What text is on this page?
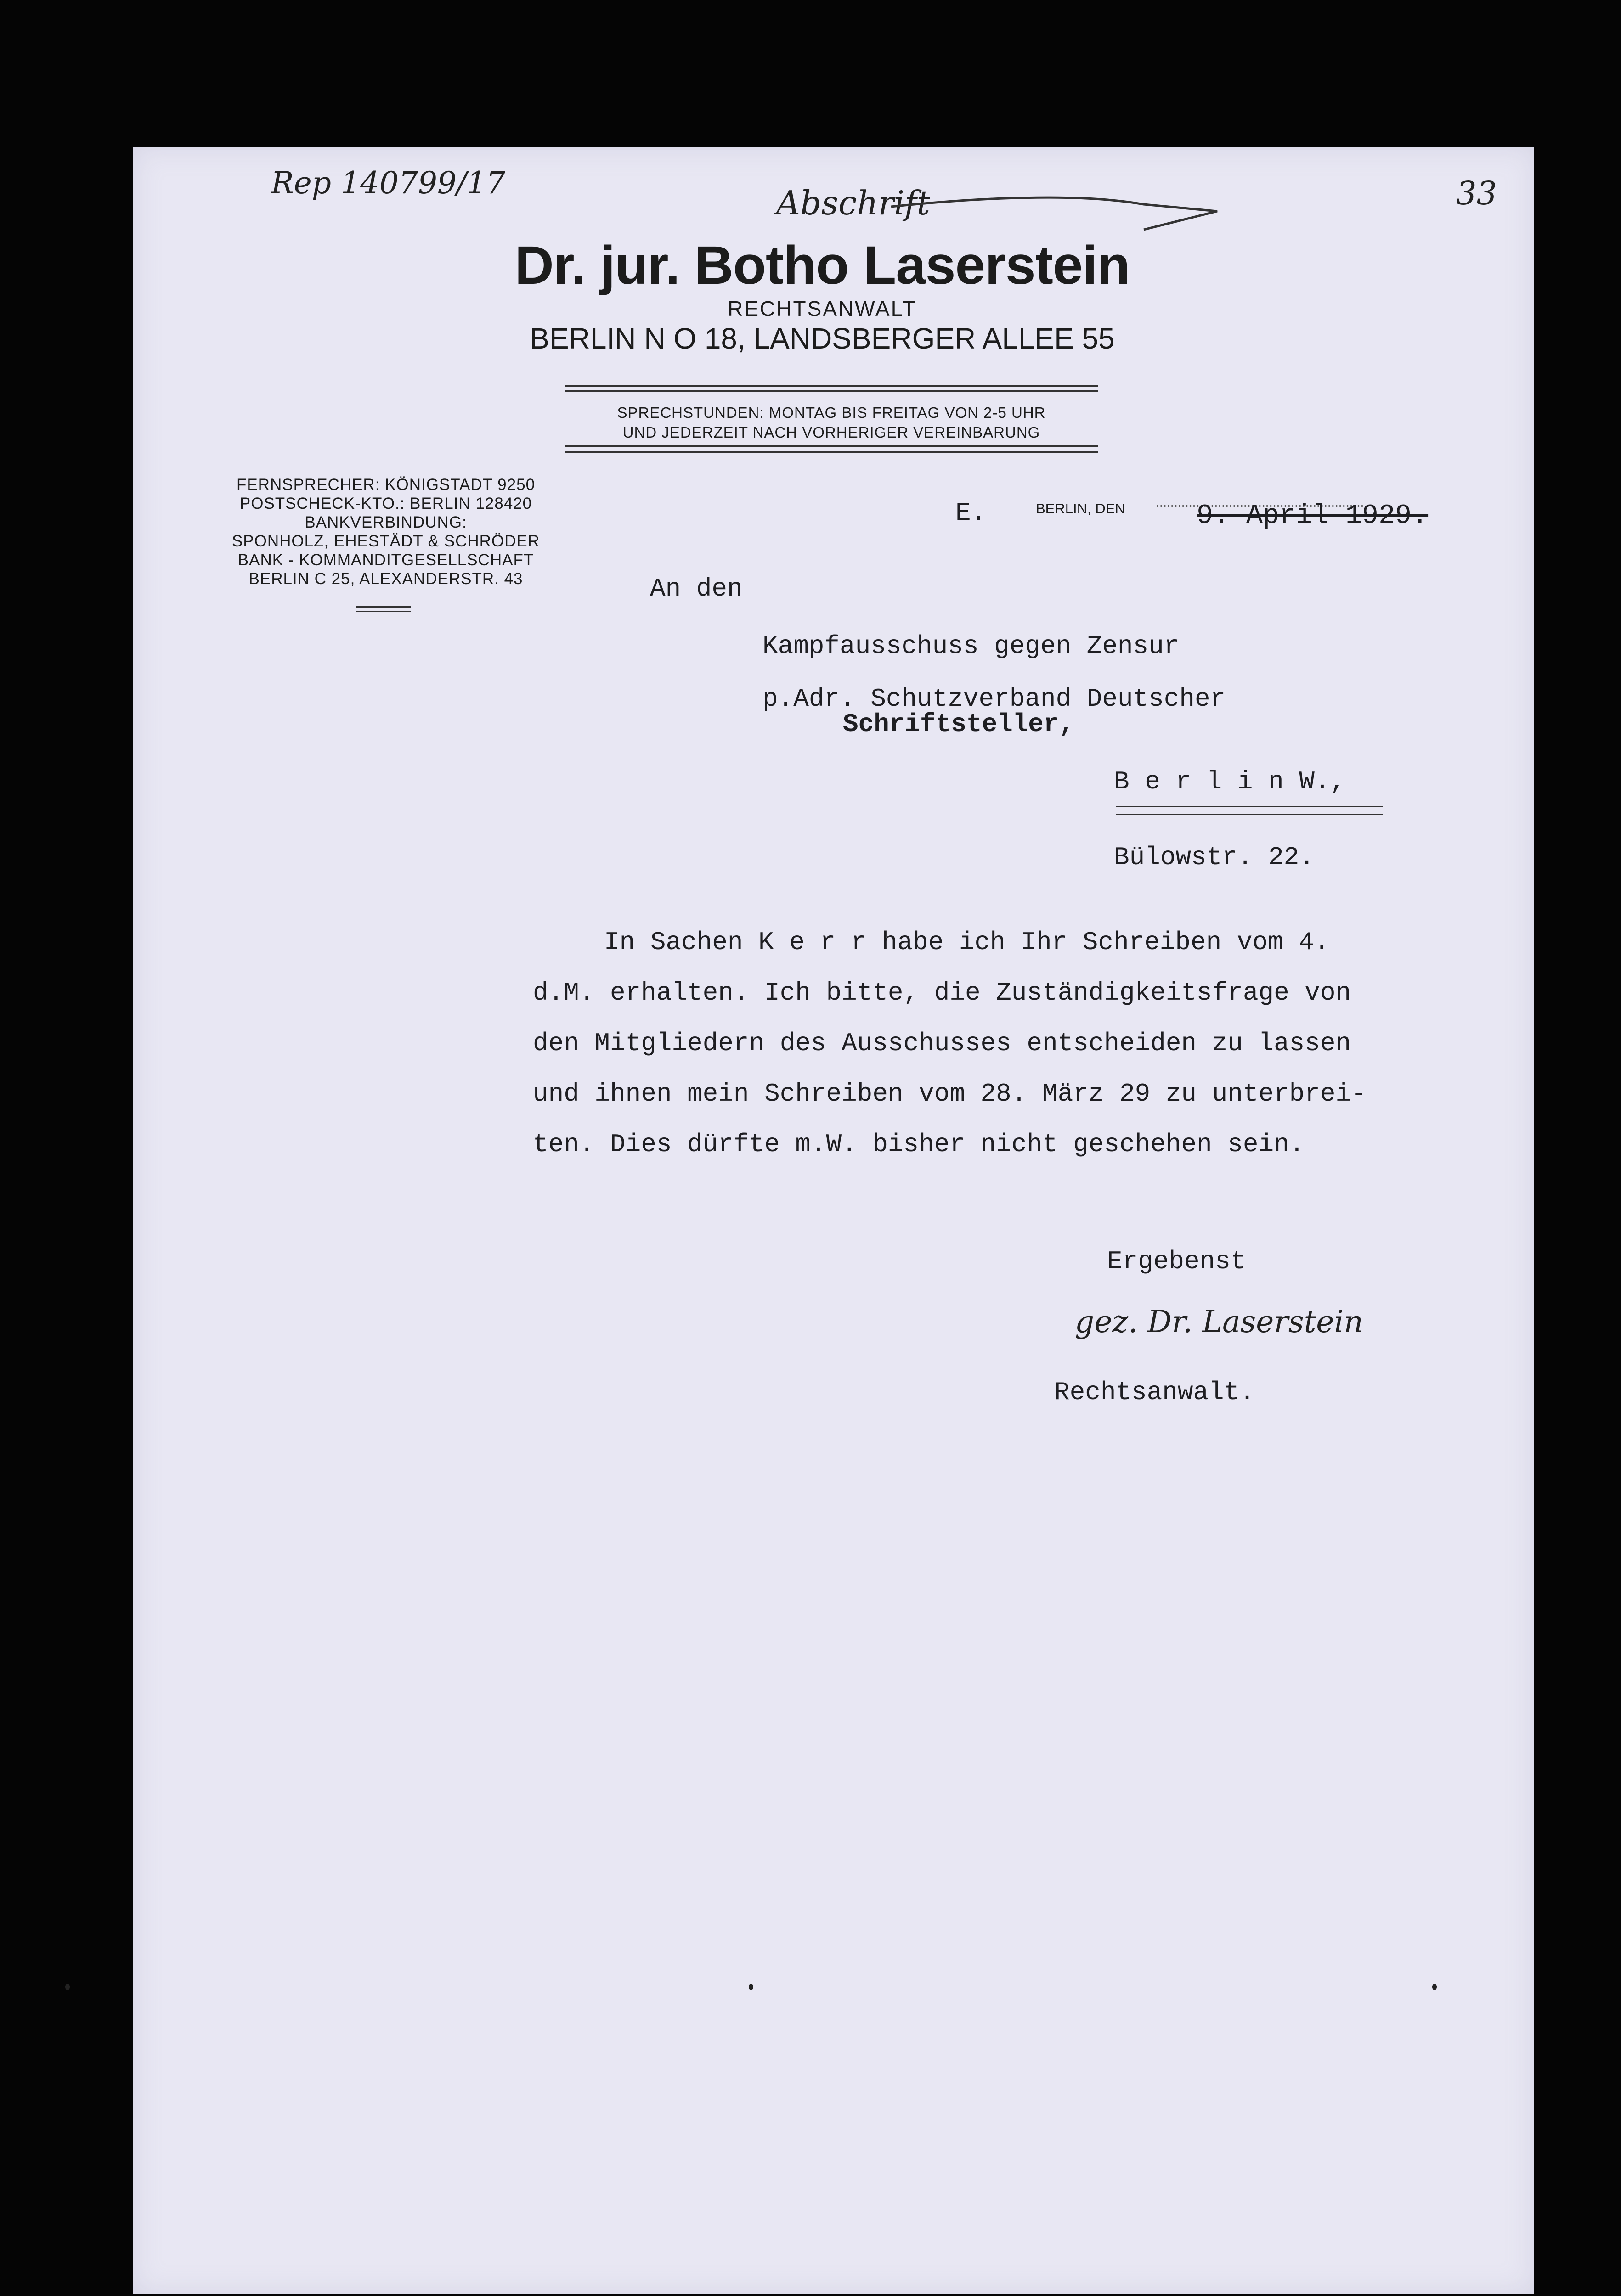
Rep 140799/17
Abschrift	33
Dr. jur. Botho Laserstein
RECHTSANWALT
BERLIN N O 18, LANDSBERGER ALLEE 55
SPRECHSTUNDEN: MONTAG BIS FREITAG VON 2-5 UHR
UND JEDERZEIT NACH VORHERIGER VEREINBARUNG
FERNSPRECHER: KÖNIGSTADT 9250
POSTSCHECK-KTO.: BERLIN 128420
BANKVERBINDUNG:
SPONHOLZ, EHESTÄDT & SCHRÖDER
BANK - KOMMANDITGESELLSCHAFT
BERLIN C 25, ALEXANDERSTR. 43
E.	BERLIN, DEN	9. April 1929.
An den
Kampfausschuss gegen Zensur
p.Adr. Schutzverband Deutscher
Schriftsteller,
B e r l i n W.,
Bülowstr. 22.
In Sachen K e r r habe ich Ihr Schreiben vom 4.
d.M. erhalten. Ich bitte, die Zuständigkeitsfrage von
den Mitgliedern des Ausschusses entscheiden zu lassen
und ihnen mein Schreiben vom 28. März 29 zu unterbrei-
ten. Dies dürfte m.W. bisher nicht geschehen sein.
Ergebenst
gez. Dr. Laserstein
Rechtsanwalt.
